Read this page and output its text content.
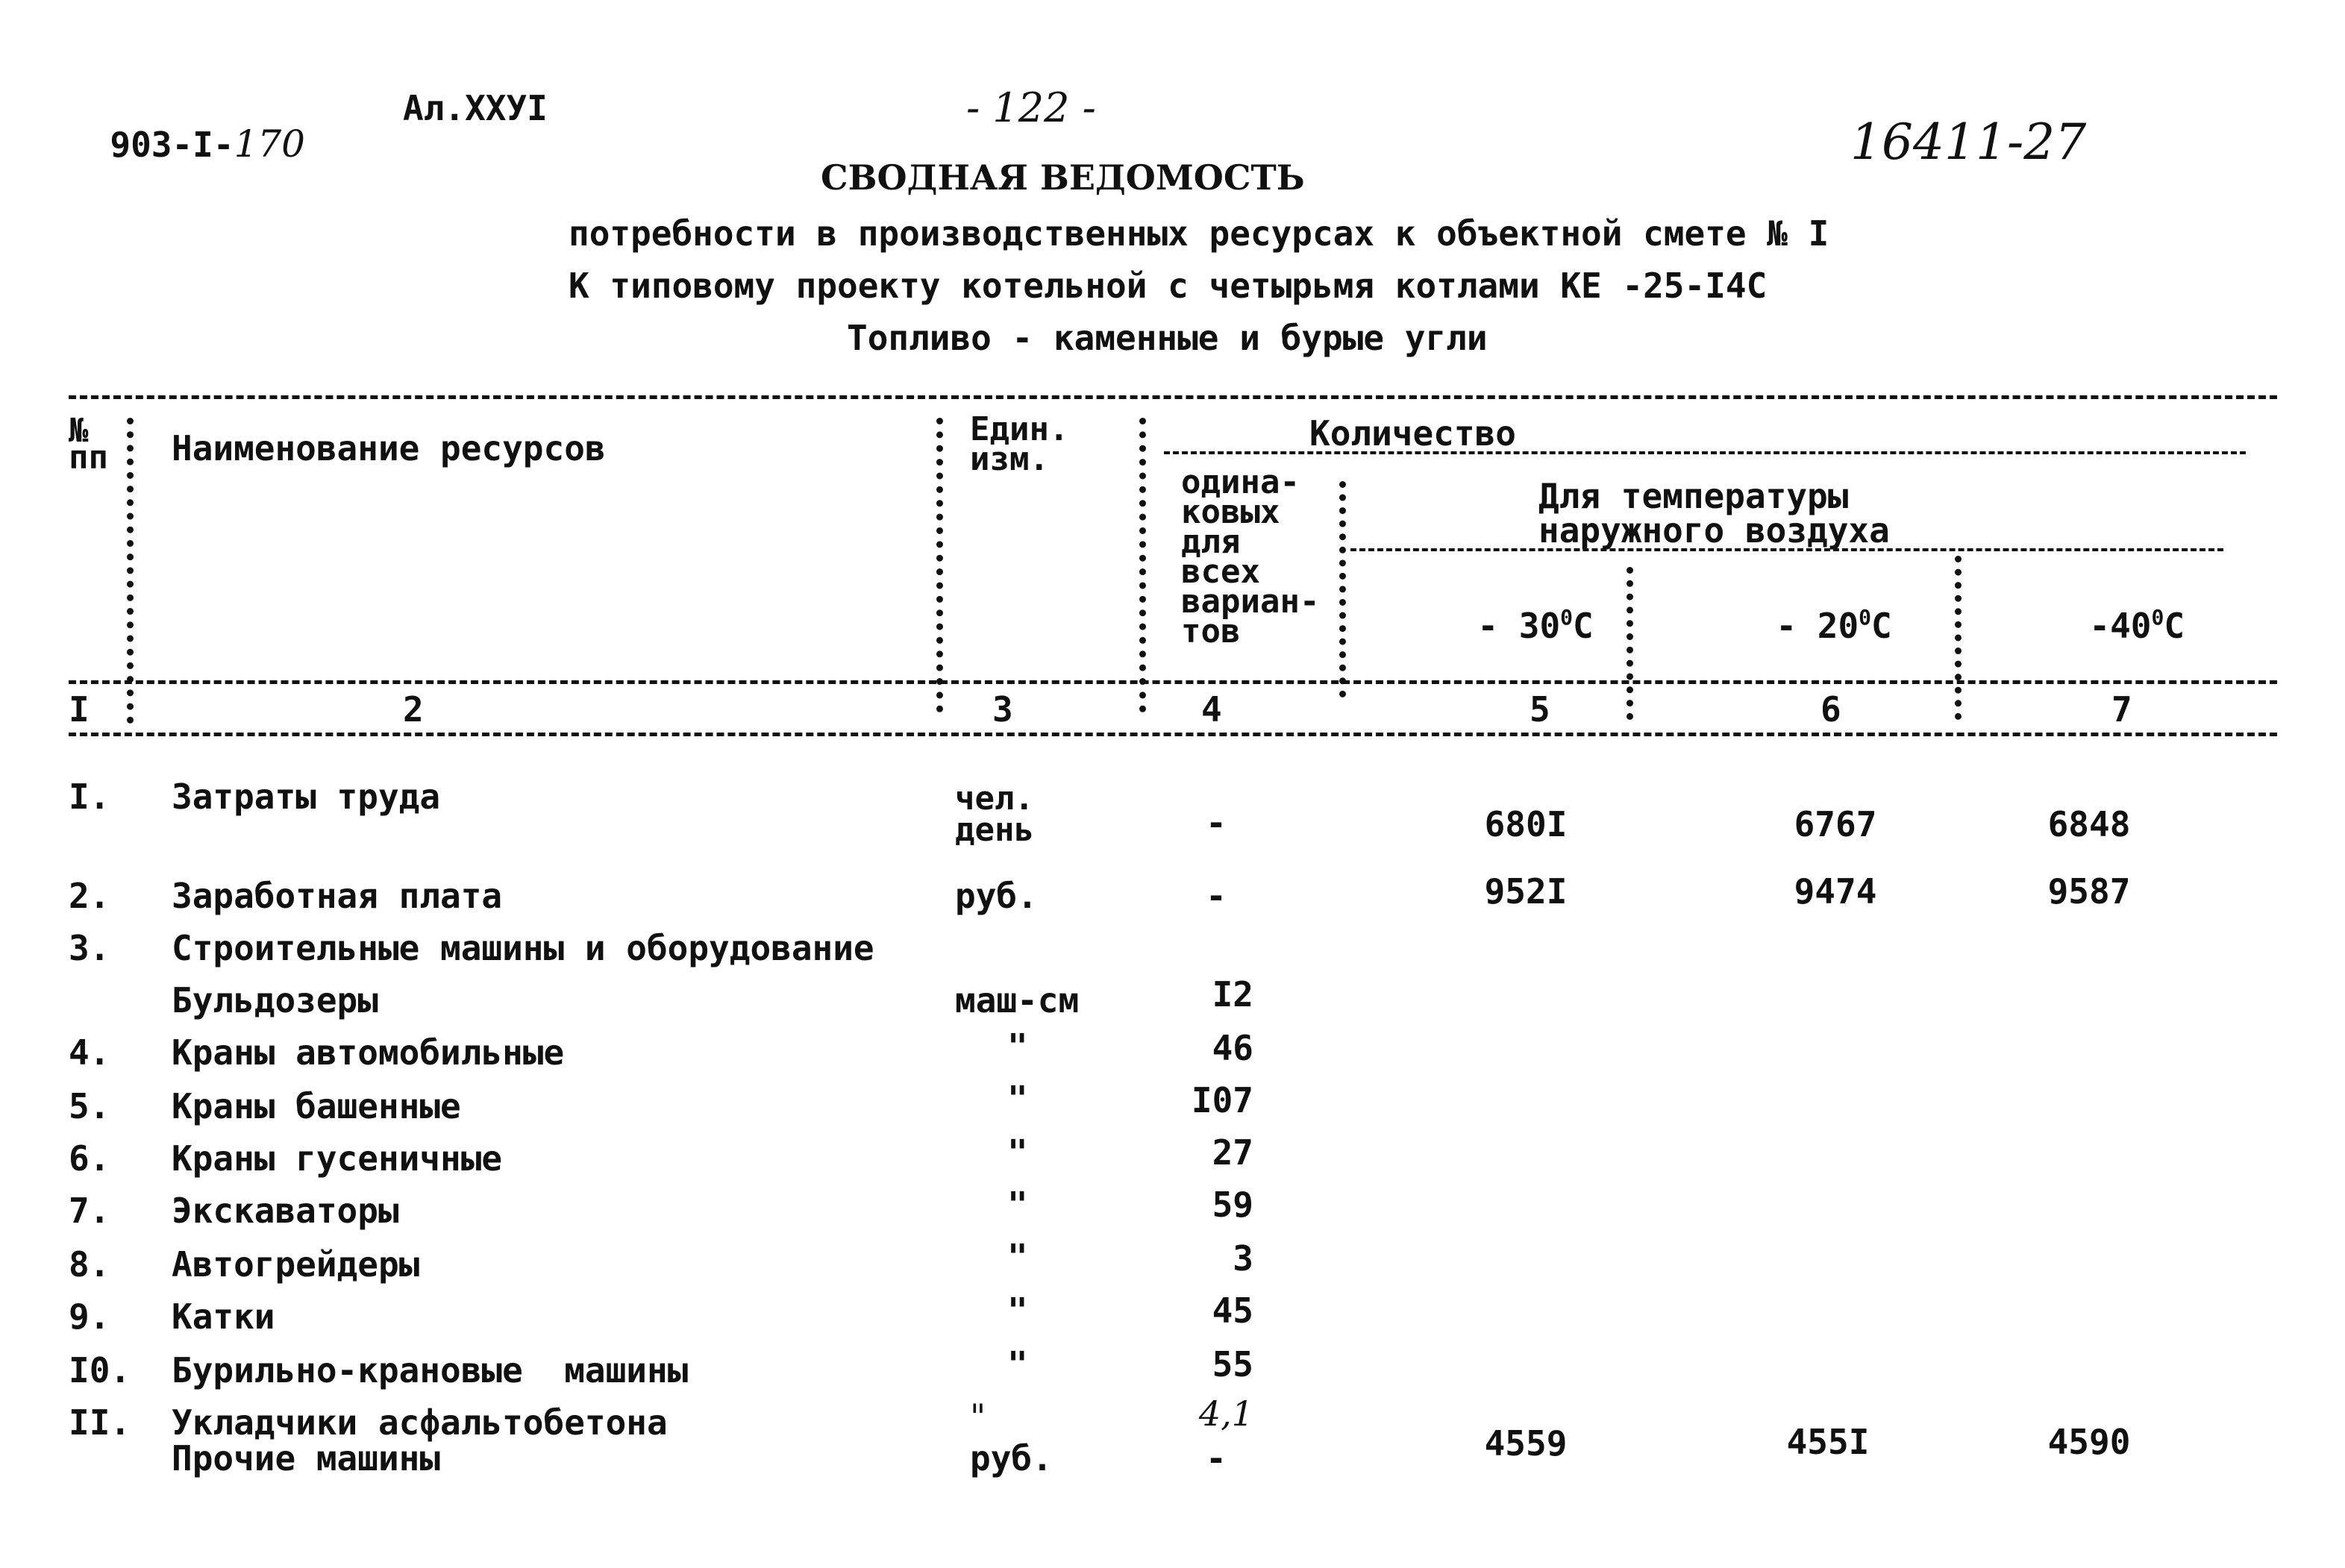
903-I-170

Ал.XXУI	- 122 -
16411-27
СВОДНАЯ ВЕДОМОСТЬ
потребности в производственных ресурсах к объектной смете № I
К типовому проекту котельной с четырьмя котлами КЕ -25-I4С
Топливо - каменные и бурые угли
№
пп Наименование ресурсов	Един.
изм.
Количество
одина-
ковых
для
всех
вариан-
тов
Для температуры
наружного воздуха

- $30^0С$	- $20^0С$	$-40^0С$

I	2	3	4	5	6	7
I. Затраты труда	чел.
день	-	680I	6767	6848
2. Заработная плата	руб.	-	952I	9474	9587
3. Строительные машины и оборудование
Бульдозеры	маш-см	I2
4. Краны автомобильные	"	46
5. Краны башенные	"	I07
6. Краны гусеничные	"	27
7. Экскаваторы	"	59
8. Автогрейдеры	"	3
9. Катки	"	45
I0. Бурильно-крановые  машины	"	55
II. Укладчики асфальтобетона	"	4,1
Прочие машины	руб.	-	4559	455I	4590
